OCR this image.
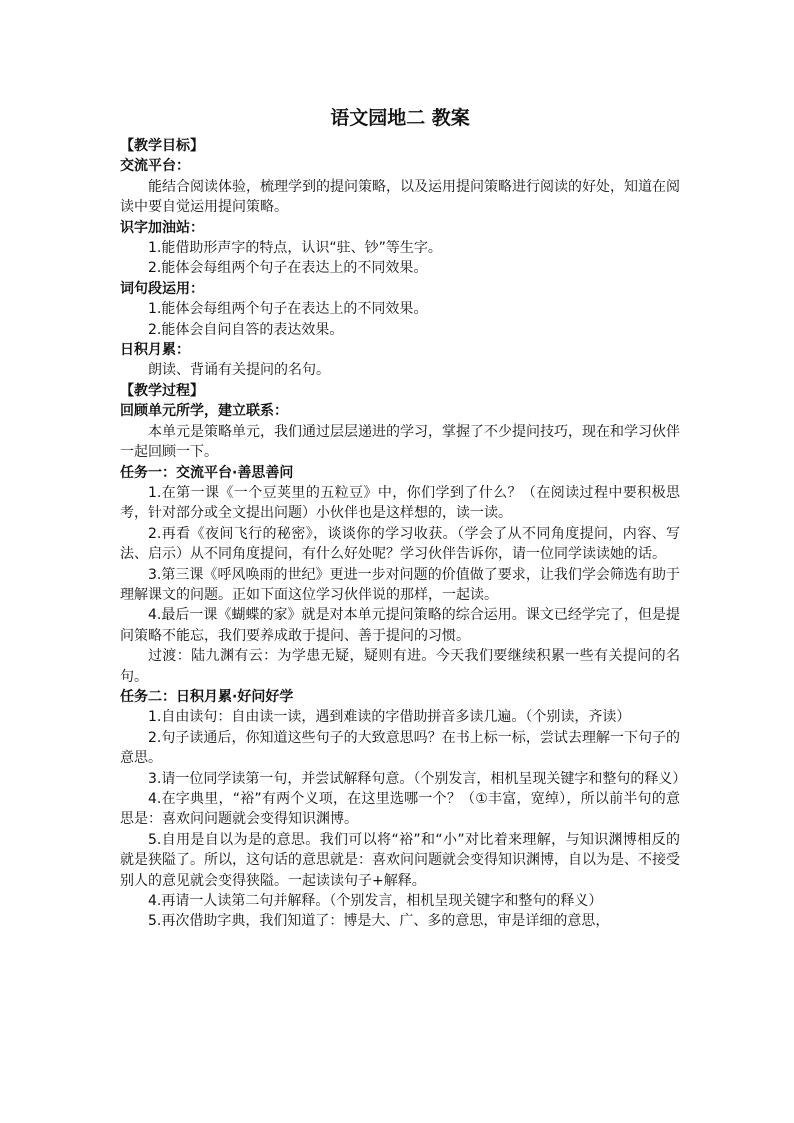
语文园地二 教案

【教学目标】

交流平台：

能结合阅读体验，梳理学到的提问策略，以及运用提问策略进行阅读的好处，知道在阅读中要自觉运用提问策略。

识字加油站：

1.能借助形声字的特点，认识“驻、钞”等生字。

2.能体会每组两个句子在表达上的不同效果。

词句段运用：

1.能体会每组两个句子在表达上的不同效果。

2.能体会自问自答的表达效果。

日积月累：

朗读、背诵有关提问的名句。

【教学过程】

回顾单元所学，建立联系：

本单元是策略单元，我们通过层层递进的学习，掌握了不少提问技巧，现在和学习伙伴一起回顾一下。

任务一：交流平台·善思善问

1.在第一课《一个豆荚里的五粒豆》中，你们学到了什么？（在阅读过程中要积极思考，针对部分或全文提出问题）小伙伴也是这样想的，读一读。

2.再看《夜间飞行的秘密》，谈谈你的学习收获。（学会了从不同角度提问，内容、写法、启示）从不同角度提问，有什么好处呢？学习伙伴告诉你，请一位同学读读她的话。

3.第三课《呼风唤雨的世纪》更进一步对问题的价值做了要求，让我们学会筛选有助于理解课文的问题。正如下面这位学习伙伴说的那样，一起读。

4.最后一课《蝴蝶的家》就是对本单元提问策略的综合运用。课文已经学完了，但是提问策略不能忘，我们要养成敢于提问、善于提问的习惯。

过渡：陆九渊有云：为学患无疑，疑则有进。今天我们要继续积累一些有关提问的名句。

任务二：日积月累·好问好学

1.自由读句：自由读一读，遇到难读的字借助拼音多读几遍。（个别读，齐读）

2.句子读通后，你知道这些句子的大致意思吗？在书上标一标，尝试去理解一下句子的意思。

3.请一位同学读第一句，并尝试解释句意。（个别发言，相机呈现关键字和整句的释义）

4.在字典里，“裕”有两个义项，在这里选哪一个？（①丰富，宽绰），所以前半句的意思是：喜欢问问题就会变得知识渊博。

5.自用是自以为是的意思。我们可以将“裕”和“小”对比着来理解，与知识渊博相反的就是狭隘了。所以，这句话的意思就是：喜欢问问题就会变得知识渊博，自以为是、不接受别人的意见就会变得狭隘。一起读读句子+解释。

4.再请一人读第二句并解释。（个别发言，相机呈现关键字和整句的释义）

5.再次借助字典，我们知道了：博是大、广、多的意思，审是详细的意思，
